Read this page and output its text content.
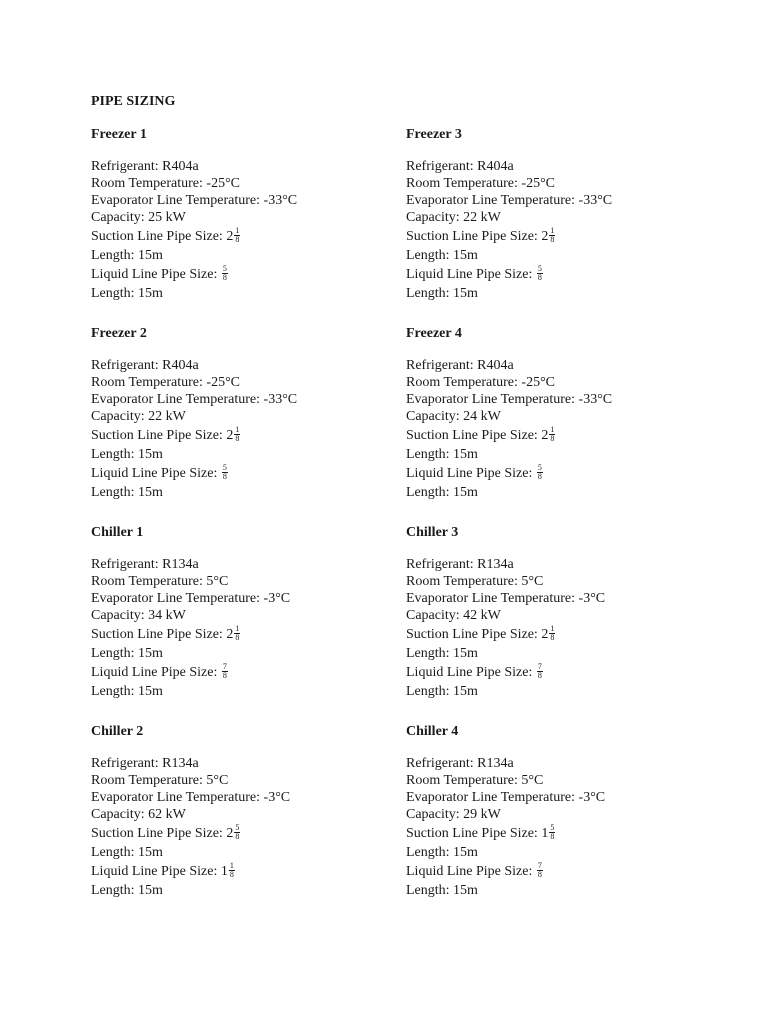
PIPE SIZING
Freezer 1
Refrigerant: R404a
Room Temperature: -25°C
Evaporator Line Temperature: -33°C
Capacity: 25 kW
Suction Line Pipe Size: $2 \frac{1}{8}$
Length: 15m
Liquid Line Pipe Size: $\frac{5}{8}$
Length: 15m
Freezer 2
Refrigerant: R404a
Room Temperature: -25°C
Evaporator Line Temperature: -33°C
Capacity: 22 kW
Suction Line Pipe Size: $2 \frac{1}{8}$
Length: 15m
Liquid Line Pipe Size: $\frac{5}{8}$
Length: 15m
Chiller 1
Refrigerant: R134a
Room Temperature: 5°C
Evaporator Line Temperature: -3°C
Capacity: 34 kW
Suction Line Pipe Size: $2 \frac{1}{8}$
Length: 15m
Liquid Line Pipe Size: $\frac{7}{8}$
Length: 15m
Chiller 2
Refrigerant: R134a
Room Temperature: 5°C
Evaporator Line Temperature: -3°C
Capacity: 62 kW
Suction Line Pipe Size: $2 \frac{5}{8}$
Length: 15m
Liquid Line Pipe Size: $1 \frac{1}{8}$
Length: 15m
Freezer 3
Refrigerant: R404a
Room Temperature: -25°C
Evaporator Line Temperature: -33°C
Capacity: 22 kW
Suction Line Pipe Size: $2 \frac{1}{8}$
Length: 15m
Liquid Line Pipe Size: $\frac{5}{8}$
Length: 15m
Freezer 4
Refrigerant: R404a
Room Temperature: -25°C
Evaporator Line Temperature: -33°C
Capacity: 24 kW
Suction Line Pipe Size: $2 \frac{1}{8}$
Length: 15m
Liquid Line Pipe Size: $\frac{5}{8}$
Length: 15m
Chiller 3
Refrigerant: R134a
Room Temperature: 5°C
Evaporator Line Temperature: -3°C
Capacity: 42 kW
Suction Line Pipe Size: $2 \frac{1}{8}$
Length: 15m
Liquid Line Pipe Size: $\frac{7}{8}$
Length: 15m
Chiller 4
Refrigerant: R134a
Room Temperature: 5°C
Evaporator Line Temperature: -3°C
Capacity: 29 kW
Suction Line Pipe Size: $1 \frac{5}{8}$
Length: 15m
Liquid Line Pipe Size: $\frac{7}{8}$
Length: 15m
